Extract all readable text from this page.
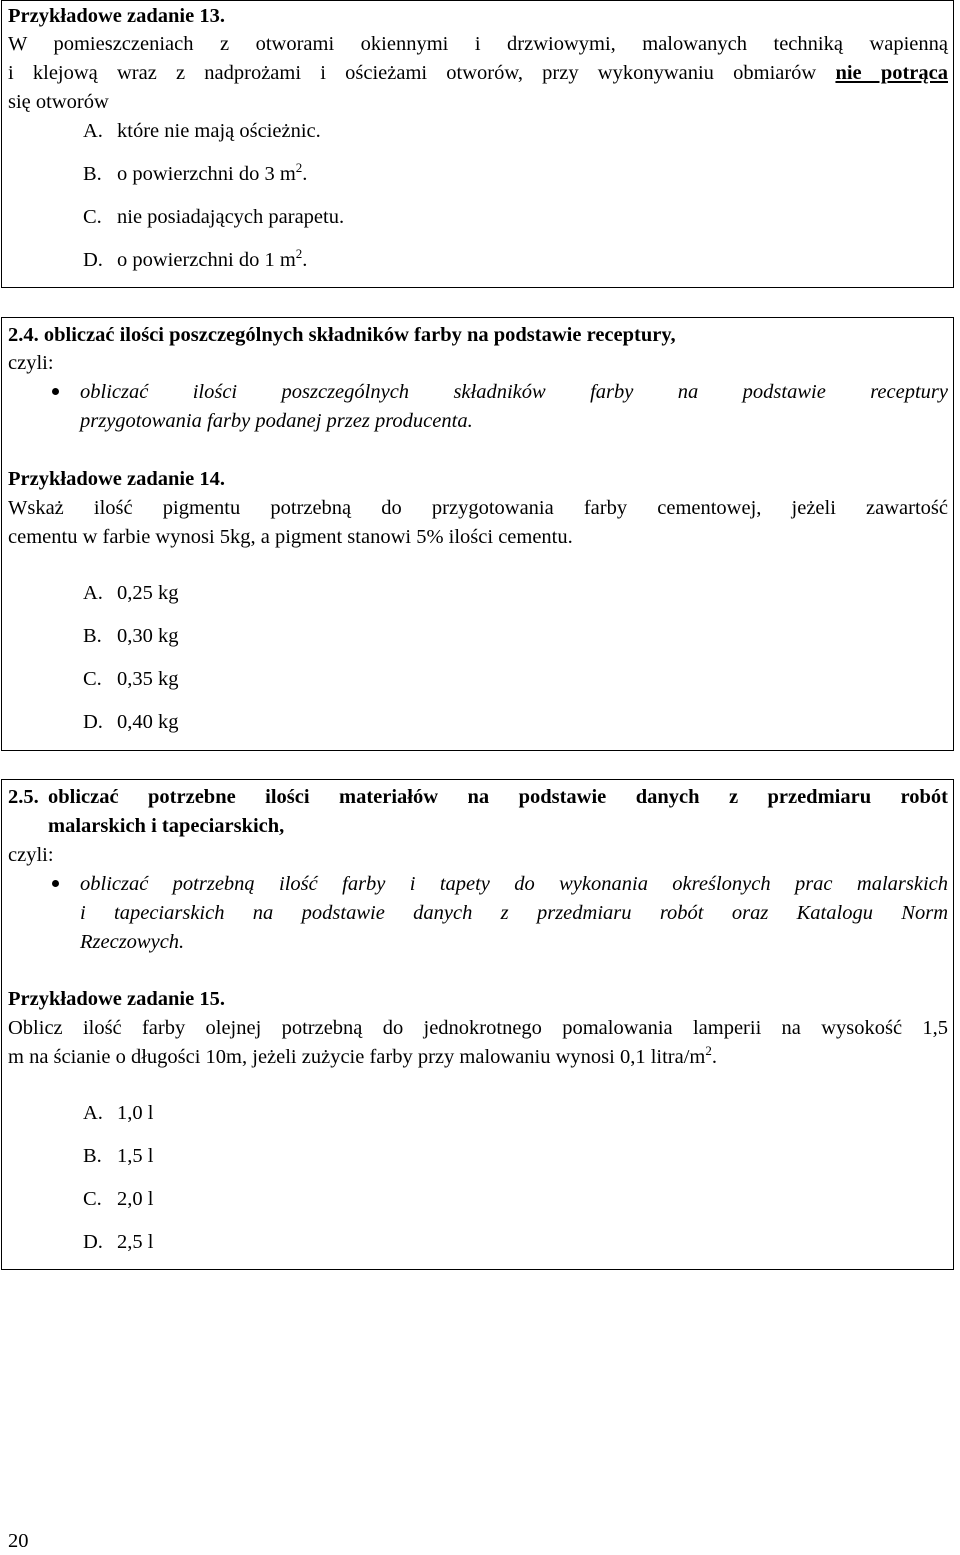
Przykładowe zadanie 13.
W pomieszczeniach z otworami okiennymi i drzwiowymi, malowanych techniką wapienną
i klejową wraz z nadprożami i ościeżami otworów, przy wykonywaniu obmiarów nie potrąca
się otworów
A. które nie mają ościeżnic.
B. o powierzchni do 3 $m^2$.
C. nie posiadających parapetu.
D. o powierzchni do 1 $m^2$.
2.4. obliczać ilości poszczególnych składników farby na podstawie receptury,
czyli:
obliczać ilości poszczególnych składników farby na podstawie receptury
przygotowania farby podanej przez producenta.
Przykładowe zadanie 14.
Wskaż ilość pigmentu potrzebną do przygotowania farby cementowej, jeżeli zawartość
cementu w farbie wynosi 5kg, a pigment stanowi 5% ilości cementu.
A. 0,25 kg
B. 0,30 kg
C. 0,35 kg
D. 0,40 kg
2.5. obliczać potrzebne ilości materiałów na podstawie danych z przedmiaru robót
malarskich i tapeciarskich,
czyli:
obliczać potrzebną ilość farby i tapety do wykonania określonych prac malarskich
i tapeciarskich na podstawie danych z przedmiaru robót oraz Katalogu Norm
Rzeczowych.
Przykładowe zadanie 15.
Oblicz ilość farby olejnej potrzebną do jednokrotnego pomalowania lamperii na wysokość 1,5
m na ścianie o długości 10m, jeżeli zużycie farby przy malowaniu wynosi 0,1 litra/$m^2$.
A. 1,0 l
B. 1,5 l
C. 2,0 l
D. 2,5 l
20
